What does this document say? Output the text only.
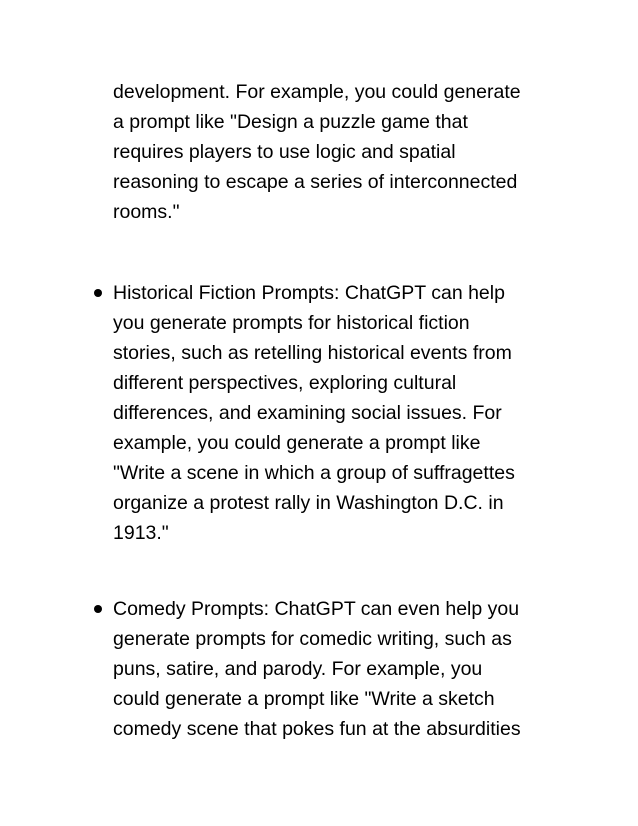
development. For example, you could generate
a prompt like "Design a puzzle game that
requires players to use logic and spatial
reasoning to escape a series of interconnected
rooms."
Historical Fiction Prompts: ChatGPT can help
you generate prompts for historical fiction
stories, such as retelling historical events from
different perspectives, exploring cultural
differences, and examining social issues. For
example, you could generate a prompt like
"Write a scene in which a group of suffragettes
organize a protest rally in Washington D.C. in
1913."
Comedy Prompts: ChatGPT can even help you
generate prompts for comedic writing, such as
puns, satire, and parody. For example, you
could generate a prompt like "Write a sketch
comedy scene that pokes fun at the absurdities
